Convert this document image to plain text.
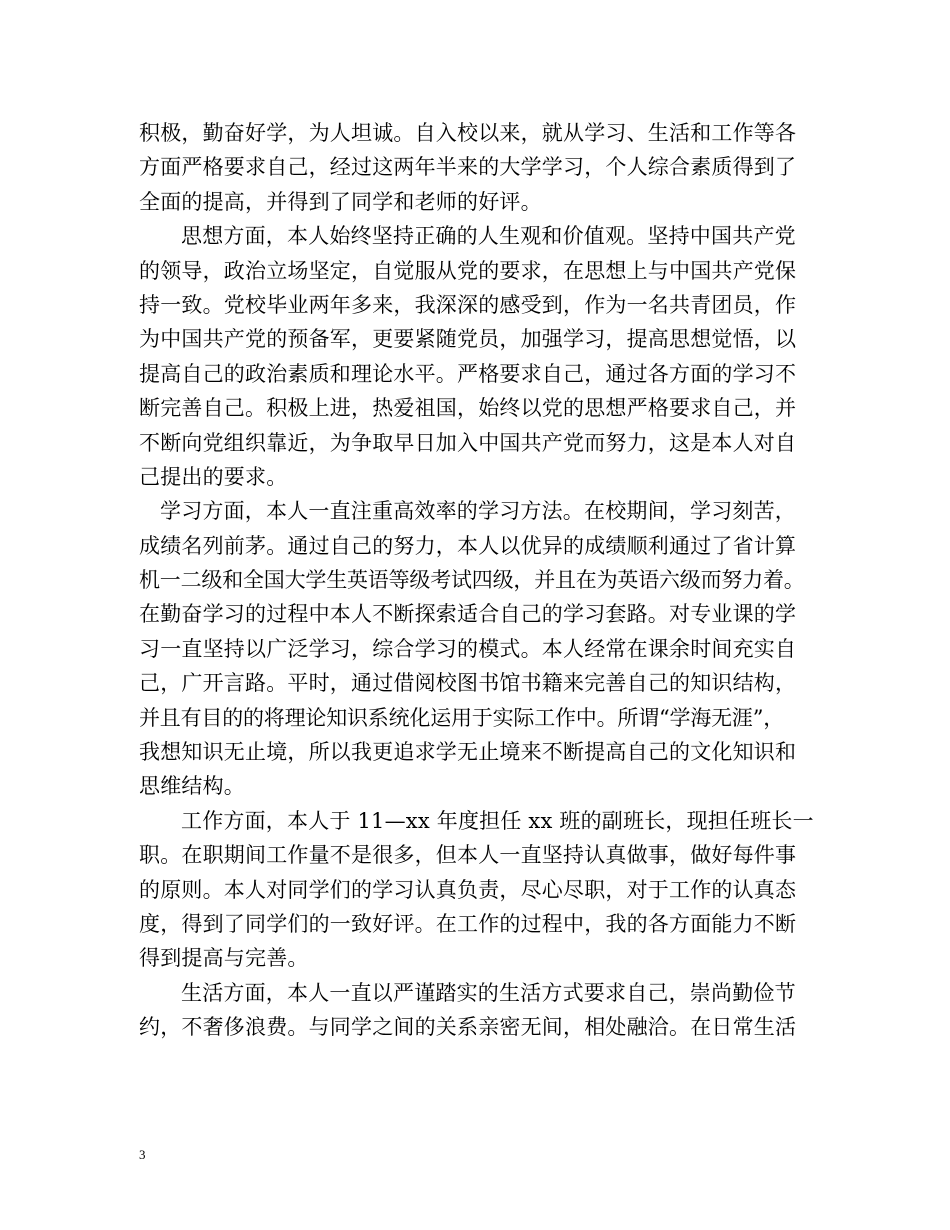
积极，勤奋好学，为人坦诚。自入校以来，就从学习、生活和工作等各
方面严格要求自己，经过这两年半来的大学学习，个人综合素质得到了
全面的提高，并得到了同学和老师的好评。
思想方面，本人始终坚持正确的人生观和价值观。坚持中国共产党
的领导，政治立场坚定，自觉服从党的要求，在思想上与中国共产党保
持一致。党校毕业两年多来，我深深的感受到，作为一名共青团员，作
为中国共产党的预备军，更要紧随党员，加强学习，提高思想觉悟，以
提高自己的政治素质和理论水平。严格要求自己，通过各方面的学习不
断完善自己。积极上进，热爱祖国，始终以党的思想严格要求自己，并
不断向党组织靠近，为争取早日加入中国共产党而努力，这是本人对自
己提出的要求。
学习方面，本人一直注重高效率的学习方法。在校期间，学习刻苦，
成绩名列前茅。通过自己的努力，本人以优异的成绩顺利通过了省计算
机一二级和全国大学生英语等级考试四级，并且在为英语六级而努力着。
在勤奋学习的过程中本人不断探索适合自己的学习套路。对专业课的学
习一直坚持以广泛学习，综合学习的模式。本人经常在课余时间充实自
己，广开言路。平时，通过借阅校图书馆书籍来完善自己的知识结构，
并且有目的的将理论知识系统化运用于实际工作中。所谓“学海无涯”，
我想知识无止境，所以我更追求学无止境来不断提高自己的文化知识和
思维结构。
工作方面，本人于 11—xx 年度担任 xx 班的副班长，现担任班长一
职。在职期间工作量不是很多，但本人一直坚持认真做事，做好每件事
的原则。本人对同学们的学习认真负责，尽心尽职，对于工作的认真态
度，得到了同学们的一致好评。在工作的过程中，我的各方面能力不断
得到提高与完善。
生活方面，本人一直以严谨踏实的生活方式要求自己，崇尚勤俭节
约，不奢侈浪费。与同学之间的关系亲密无间，相处融洽。在日常生活
3
